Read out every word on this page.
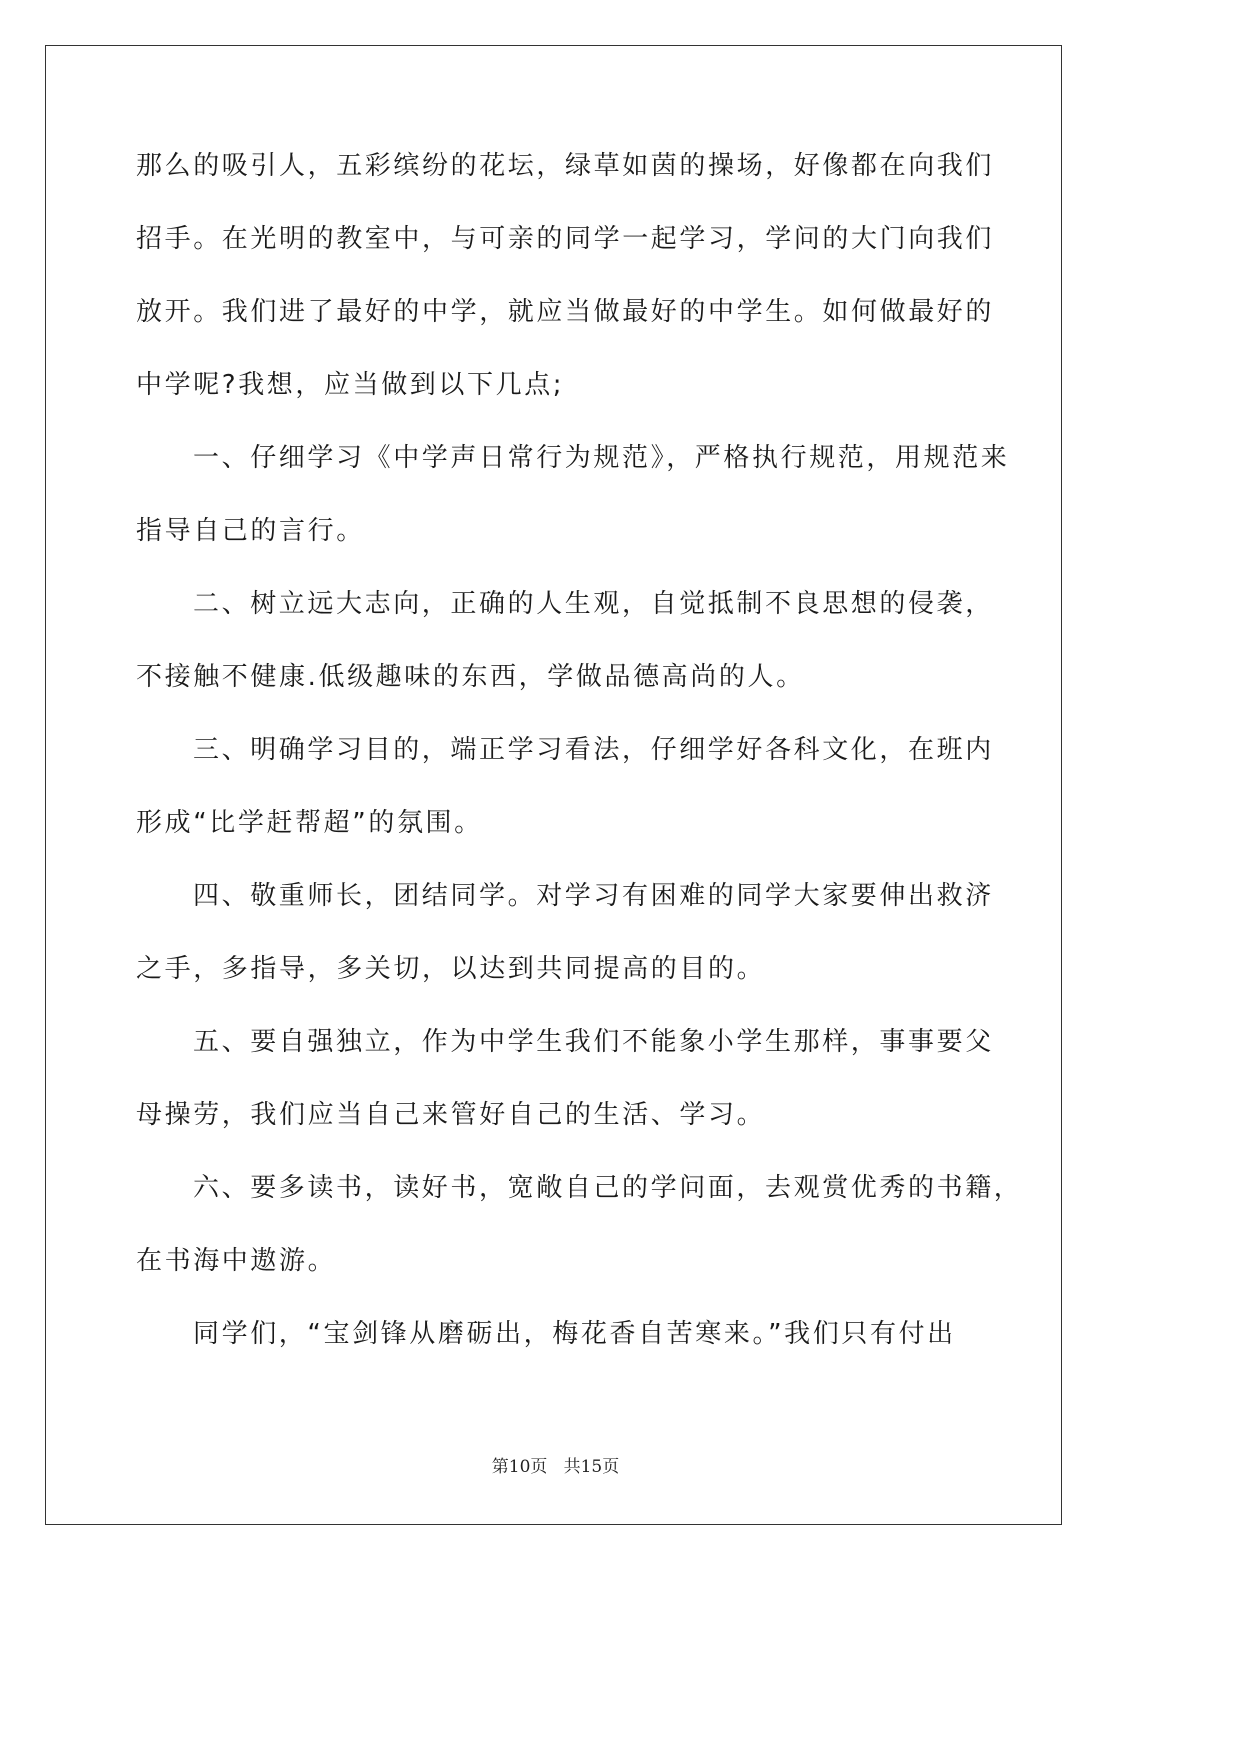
那么的吸引人，五彩缤纷的花坛，绿草如茵的操场，好像都在向我们
招手。在光明的教室中，与可亲的同学一起学习，学问的大门向我们
放开。我们进了最好的中学，就应当做最好的中学生。如何做最好的
中学呢?我想，应当做到以下几点;
一、仔细学习《中学声日常行为规范》，严格执行规范，用规范来
指导自己的言行。
二、树立远大志向，正确的人生观，自觉抵制不良思想的侵袭，
不接触不健康.低级趣味的东西，学做品德高尚的人。
三、明确学习目的，端正学习看法，仔细学好各科文化，在班内
形成“比学赶帮超”的氛围。
四、敬重师长，团结同学。对学习有困难的同学大家要伸出救济
之手，多指导，多关切，以达到共同提高的目的。
五、要自强独立，作为中学生我们不能象小学生那样，事事要父
母操劳，我们应当自己来管好自己的生活、学习。
六、要多读书，读好书，宽敞自己的学问面，去观赏优秀的书籍，
在书海中遨游。
同学们，“宝剑锋从磨砺出，梅花香自苦寒来。”我们只有付出
第10页 共15页
